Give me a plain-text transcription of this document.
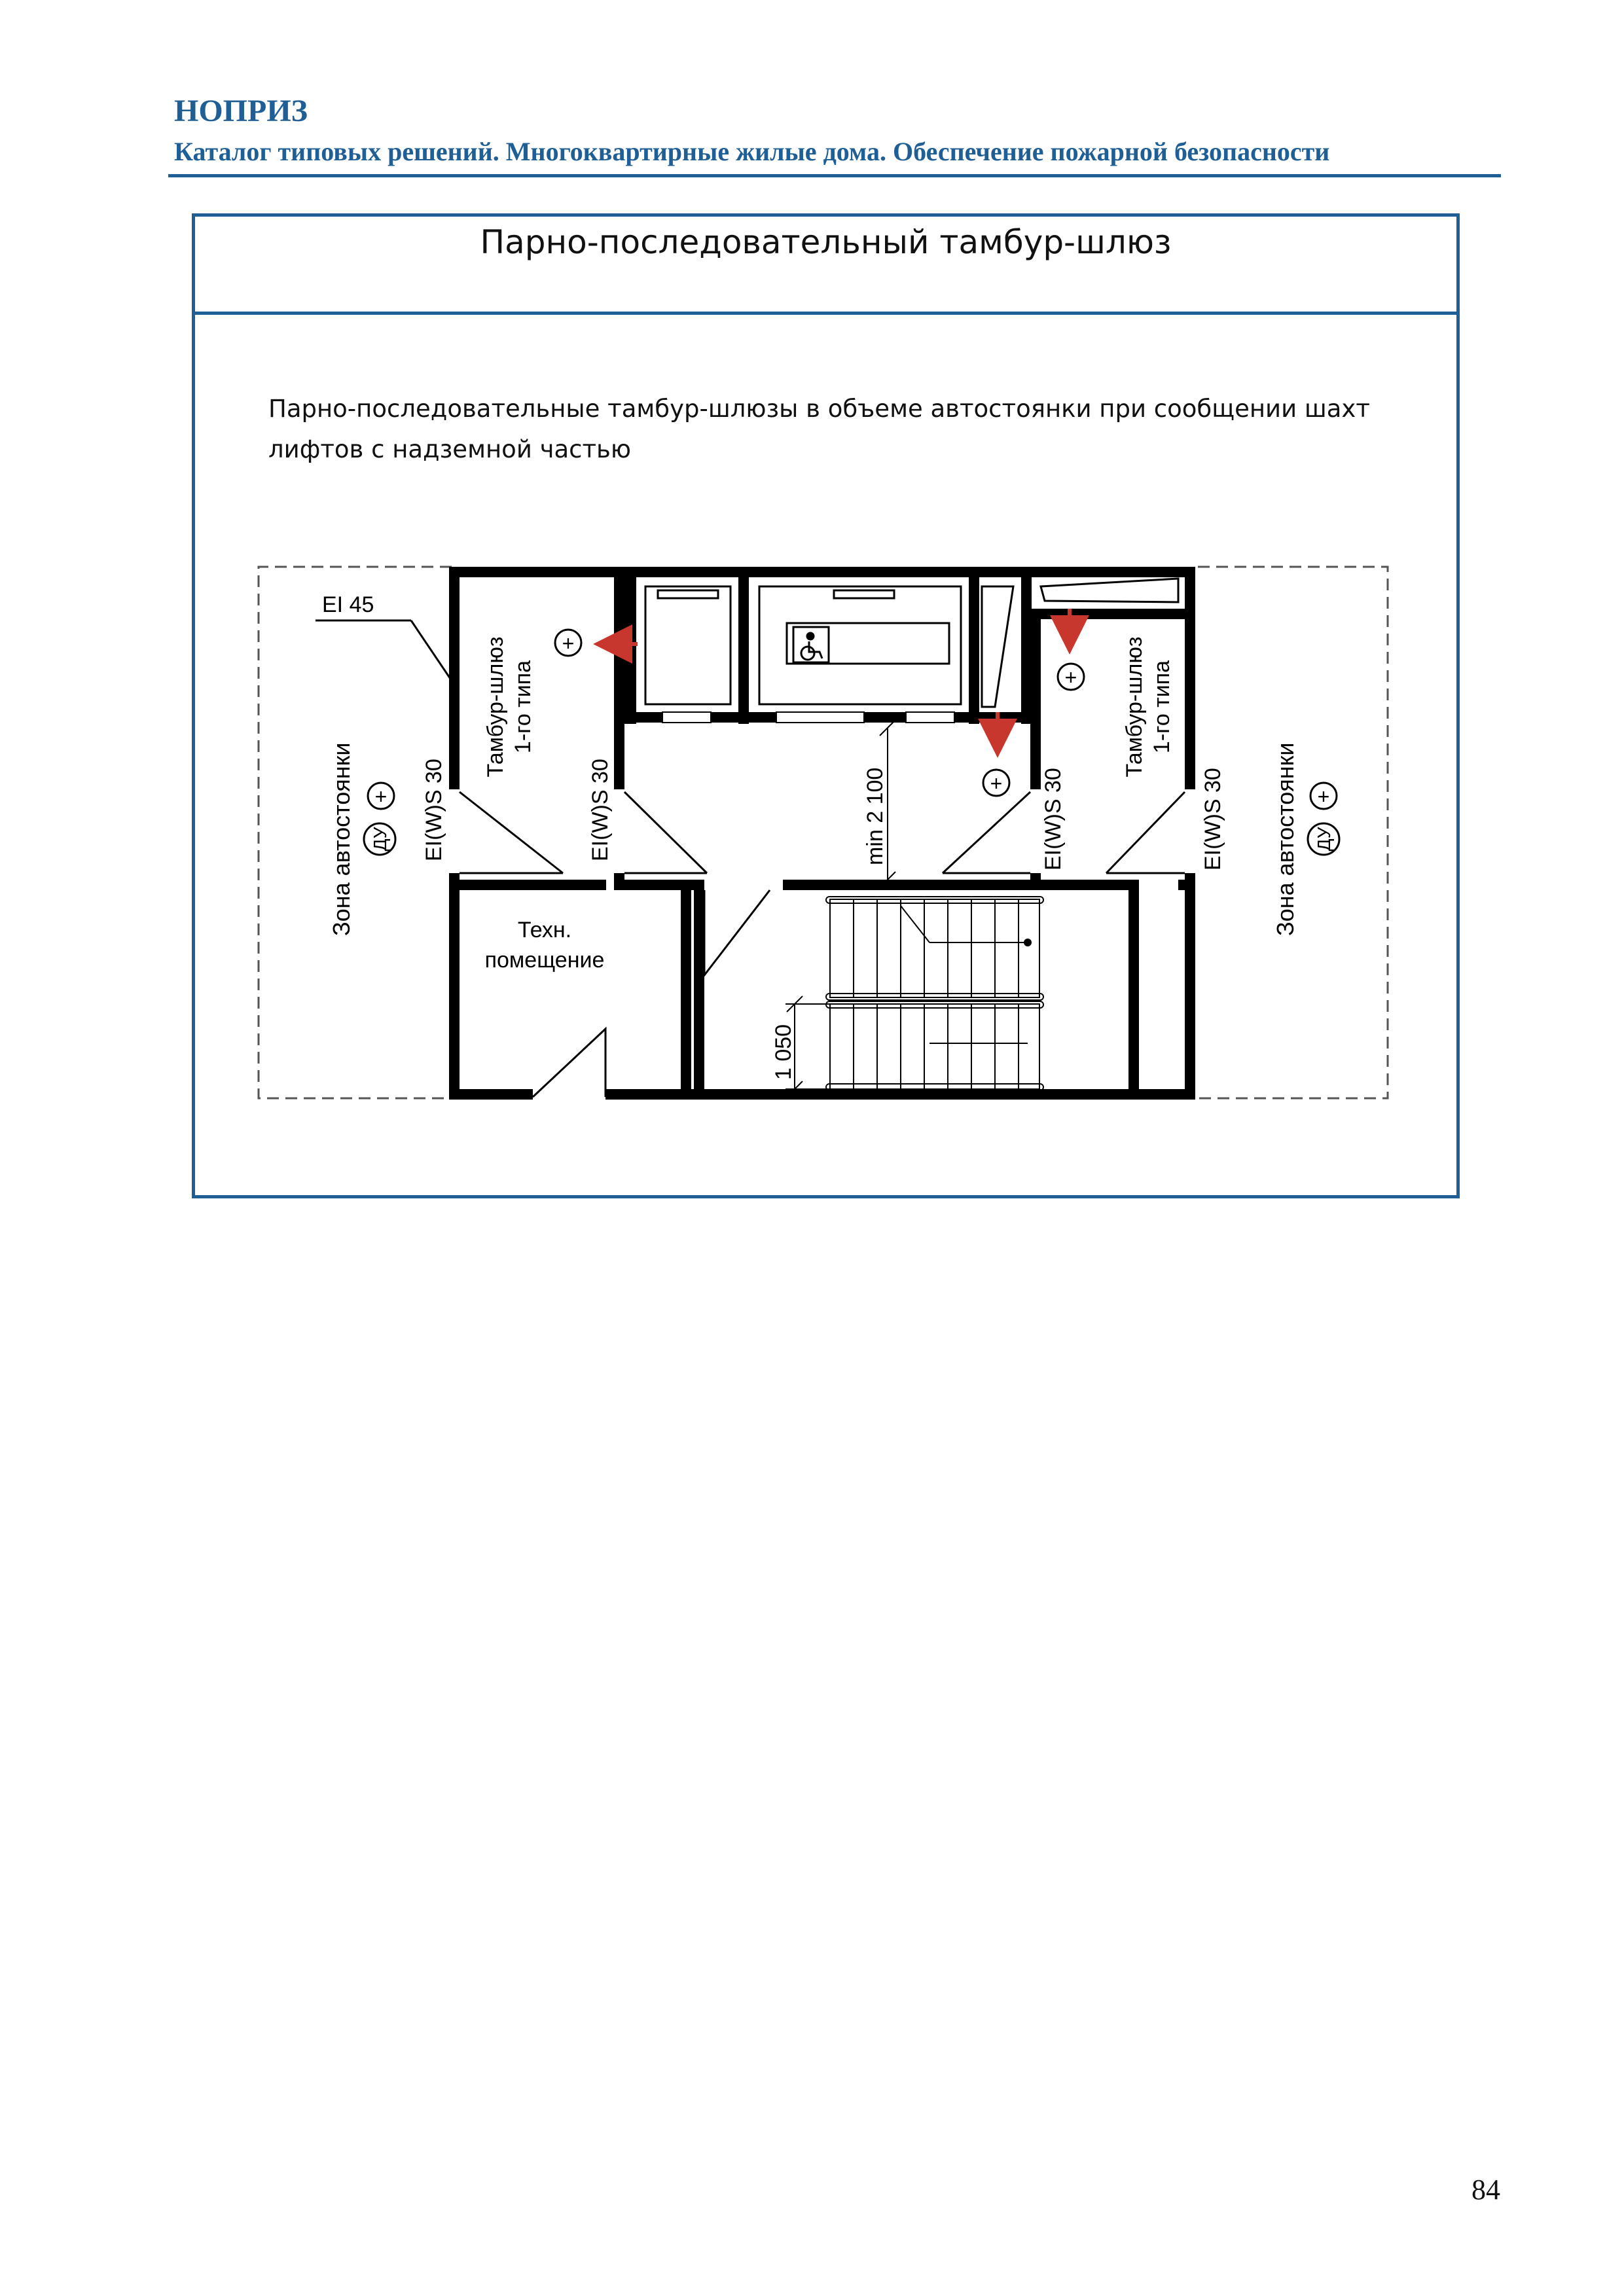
НОПРИЗ
Каталог типовых решений. Многоквартирные жилые дома. Обеспечение пожарной безопасности
Парно-последовательный тамбур-шлюз
Парно-последовательные тамбур-шлюзы в объеме автостоянки при сообщении шахт
лифтов с надземной частью
EI 45
min 2 100
1 050
+
+
+
+	+
ДУ	ДУ
Зона автостоянки	Зона автостоянки
EI(W)S 30	EI(W)S 30	EI(W)S 30	EI(W)S 30
Тамбур-шлюз 1-го типа	Тамбур-шлюз 1-го типа
Техн.
помещение
84
